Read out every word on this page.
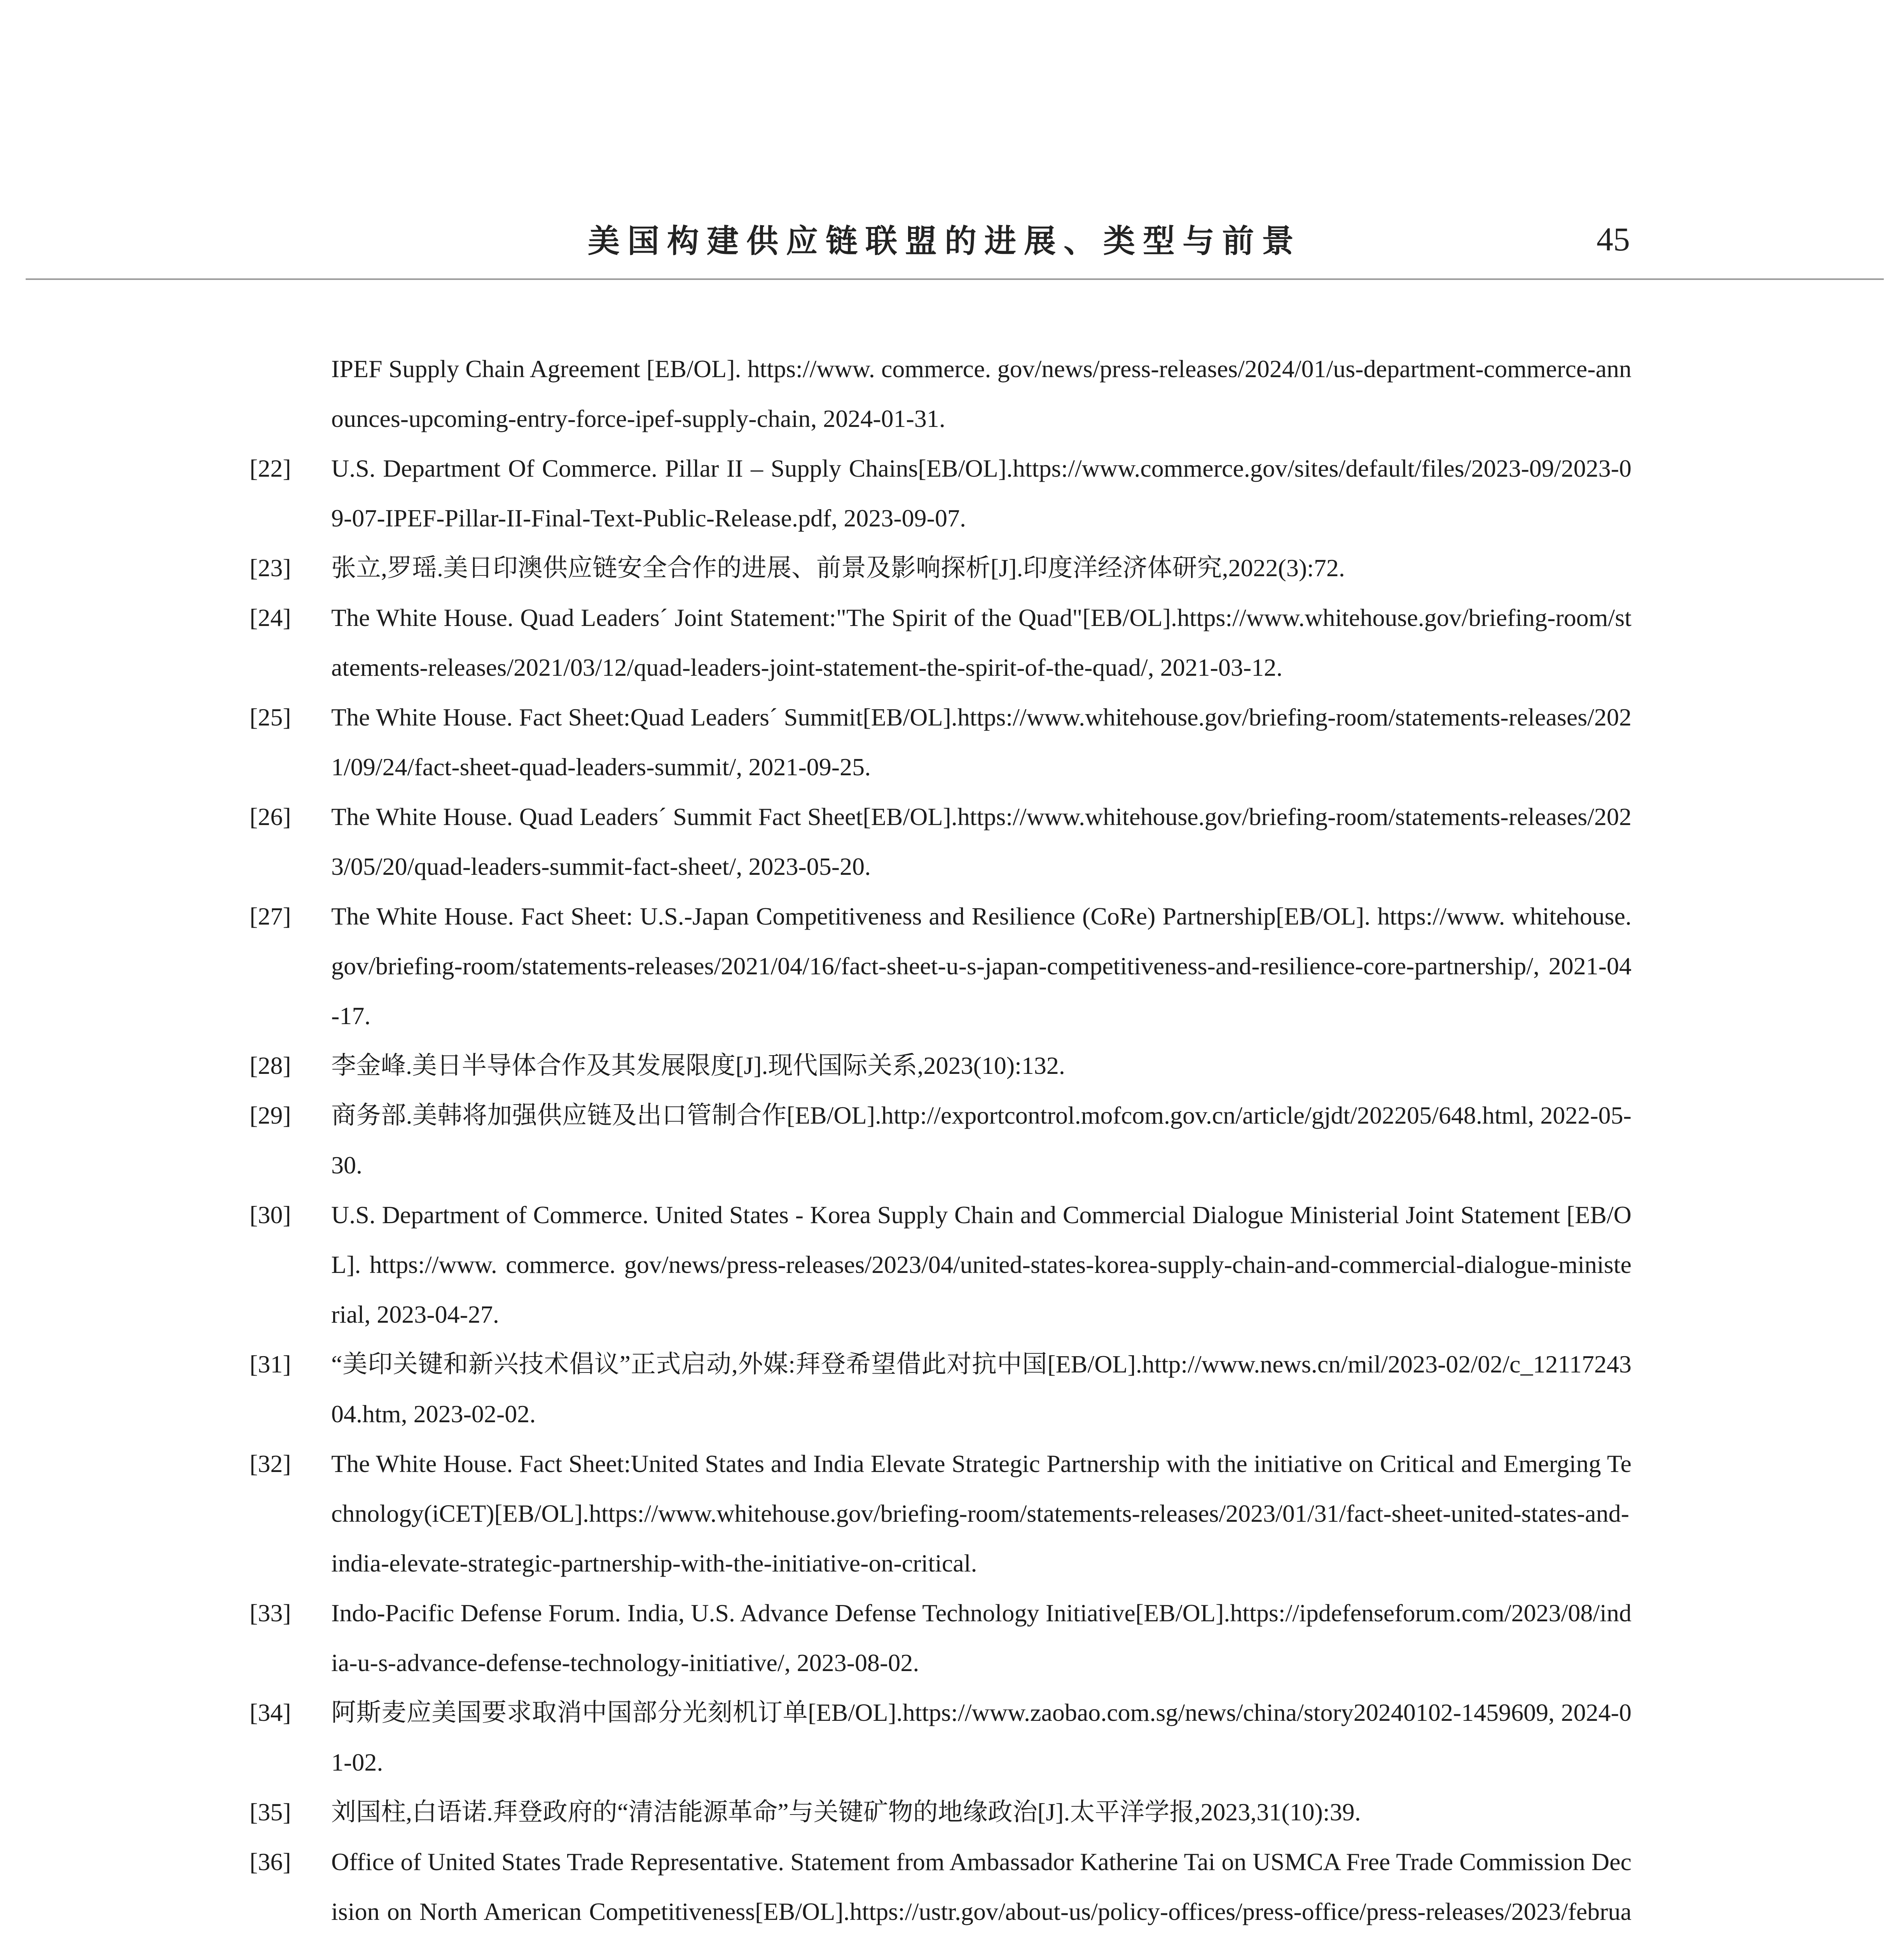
美国构建供应链联盟的进展、类型与前景	45
IPEF Supply Chain Agreement [EB/OL]. https://www. commerce. gov/news/press-releases/2024/01/us-department-commerce-announces-upcoming-entry-force-ipef-supply-chain, 2024-01-31.
[22] U.S. Department Of Commerce. Pillar II – Supply Chains[EB/OL].https://www.commerce.gov/sites/default/files/2023-09/2023-09-07-IPEF-Pillar-II-Final-Text-Public-Release.pdf, 2023-09-07.
[23] 张立,罗瑶.美日印澳供应链安全合作的进展、前景及影响探析[J].印度洋经济体研究,2022(3):72.
[24] The White House. Quad Leaders´ Joint Statement:"The Spirit of the Quad"[EB/OL].https://www.whitehouse.gov/briefing-room/statements-releases/2021/03/12/quad-leaders-joint-statement-the-spirit-of-the-quad/, 2021-03-12.
[25] The White House. Fact Sheet:Quad Leaders´ Summit[EB/OL].https://www.whitehouse.gov/briefing-room/statements-releases/2021/09/24/fact-sheet-quad-leaders-summit/, 2021-09-25.
[26] The White House. Quad Leaders´ Summit Fact Sheet[EB/OL].https://www.whitehouse.gov/briefing-room/statements-releases/2023/05/20/quad-leaders-summit-fact-sheet/, 2023-05-20.
[27] The White House. Fact Sheet: U.S.-Japan Competitiveness and Resilience (CoRe) Partnership[EB/OL]. https://www. whitehouse. gov/briefing-room/statements-releases/2021/04/16/fact-sheet-u-s-japan-competitiveness-and-resilience-core-partnership/, 2021-04-17.
[28] 李金峰.美日半导体合作及其发展限度[J].现代国际关系,2023(10):132.
[29] 商务部.美韩将加强供应链及出口管制合作[EB/OL].http://exportcontrol.mofcom.gov.cn/article/gjdt/202205/648.html, 2022-05-30.
[30] U.S. Department of Commerce. United States - Korea Supply Chain and Commercial Dialogue Ministerial Joint Statement [EB/OL]. https://www. commerce. gov/news/press-releases/2023/04/united-states-korea-supply-chain-and-commercial-dialogue-ministerial, 2023-04-27.
[31] “美印关键和新兴技术倡议”正式启动,外媒:拜登希望借此对抗中国[EB/OL].http://www.news.cn/mil/2023-02/02/c_1211724304.htm, 2023-02-02.
[32] The White House. Fact Sheet:United States and India Elevate Strategic Partnership with the initiative on Critical and Emerging Technology(iCET)[EB/OL].https://www.whitehouse.gov/briefing-room/statements-releases/2023/01/31/fact-sheet-united-states-and-india-elevate-strategic-partnership-with-the-initiative-on-critical.
[33] Indo-Pacific Defense Forum. India, U.S. Advance Defense Technology Initiative[EB/OL].https://ipdefenseforum.com/2023/08/india-u-s-advance-defense-technology-initiative/, 2023-08-02.
[34] 阿斯麦应美国要求取消中国部分光刻机订单[EB/OL].https://www.zaobao.com.sg/news/china/story20240102-1459609, 2024-01-02.
[35] 刘国柱,白语诺.拜登政府的“清洁能源革命”与关键矿物的地缘政治[J].太平洋学报,2023,31(10):39.
[36] Office of United States Trade Representative. Statement from Ambassador Katherine Tai on USMCA Free Trade Commission Decision on North American Competitiveness[EB/OL].https://ustr.gov/about-us/policy-offices/press-office/press-releases/2023/februa
